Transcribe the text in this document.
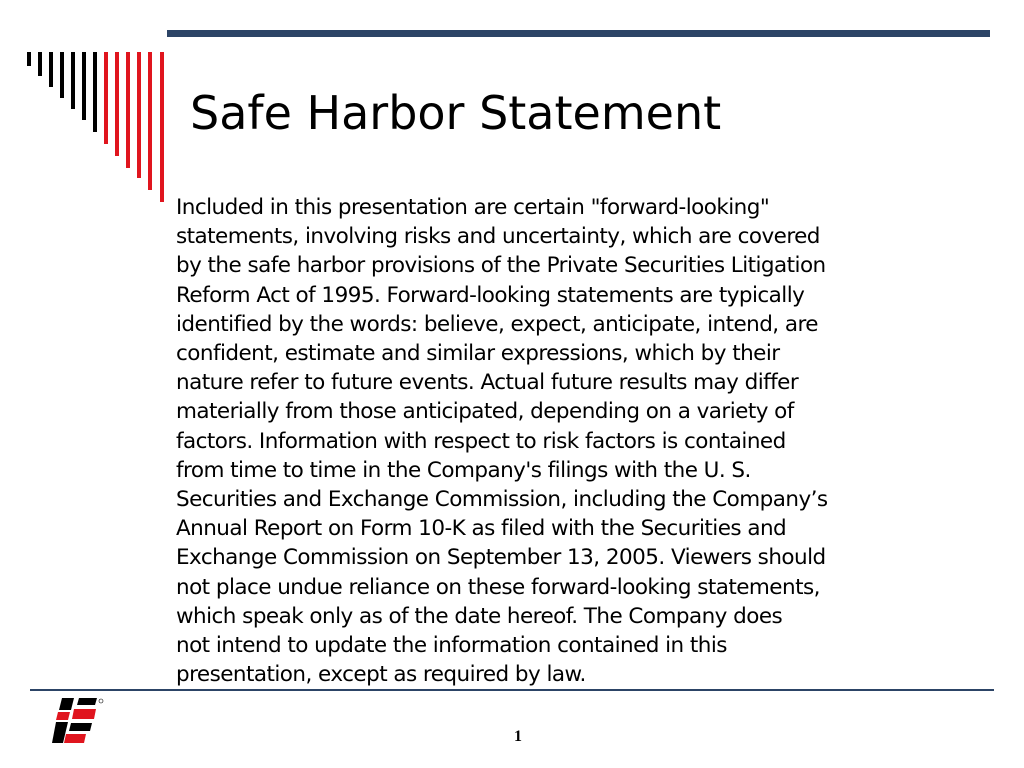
Safe Harbor Statement

Included in this presentation are certain "forward-looking"
statements, involving risks and uncertainty, which are covered
by the safe harbor provisions of the Private Securities Litigation
Reform Act of 1995. Forward-looking statements are typically
identified by the words: believe, expect, anticipate, intend, are
confident, estimate and similar expressions, which by their
nature refer to future events. Actual future results may differ
materially from those anticipated, depending on a variety of
factors. Information with respect to risk factors is contained
from time to time in the Company's filings with the U. S.
Securities and Exchange Commission, including the Company’s
Annual Report on Form 10-K as filed with the Securities and
Exchange Commission on September 13, 2005. Viewers should
not place undue reliance on these forward-looking statements,
which speak only as of the date hereof. The Company does
not intend to update the information contained in this
presentation, except as required by law.

1
